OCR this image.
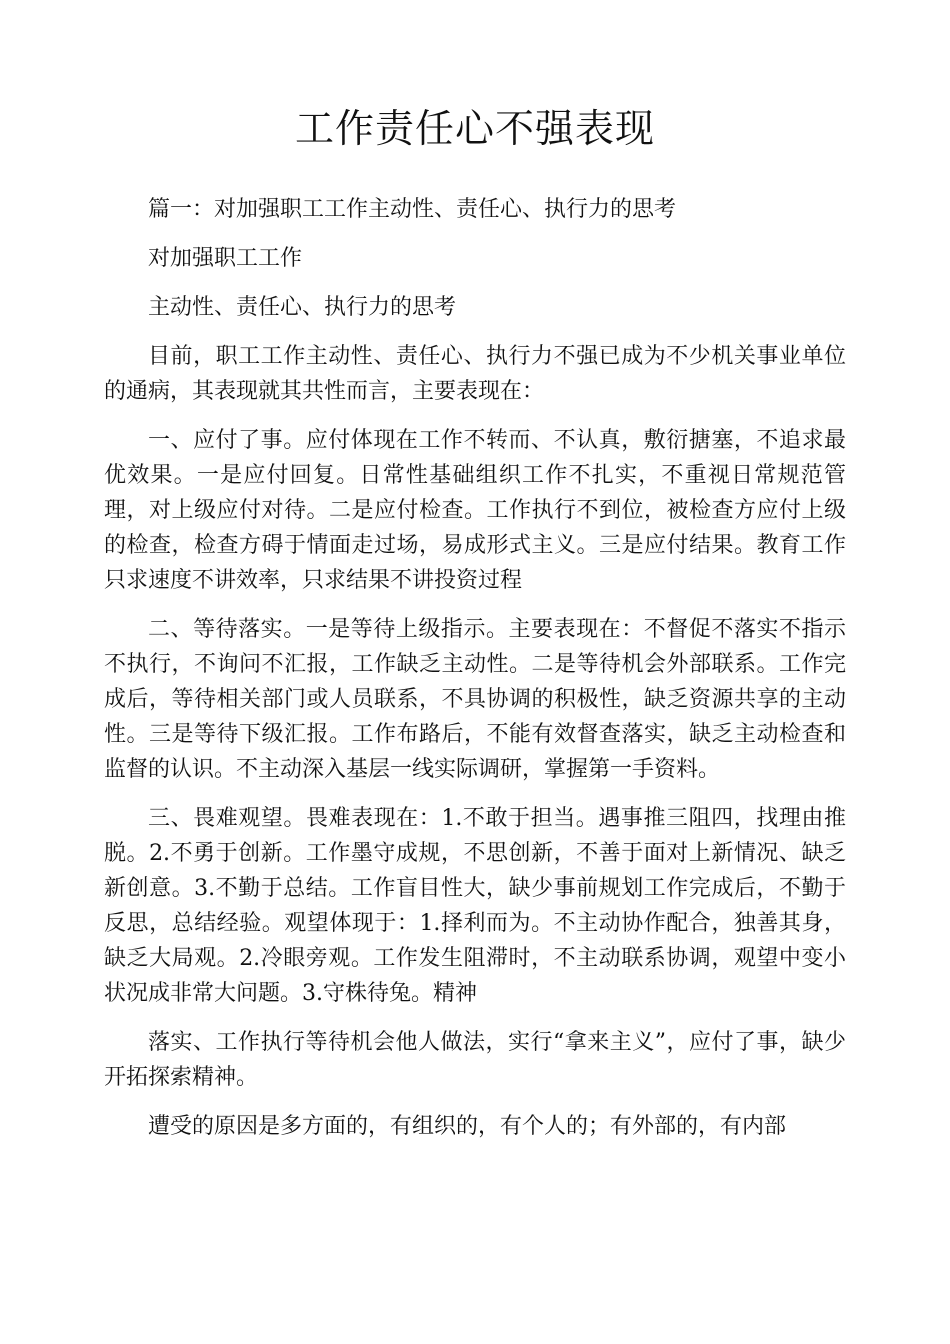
工作责任心不强表现

篇一：对加强职工工作主动性、责任心、执行力的思考

对加强职工工作

主动性、责任心、执行力的思考

目前，职工工作主动性、责任心、执行力不强已成为不少机关事业单位的通病，其表现就其共性而言，主要表现在：

一、应付了事。应付体现在工作不转而、不认真，敷衍搪塞，不追求最优效果。一是应付回复。日常性基础组织工作不扎实，不重视日常规范管理，对上级应付对待。二是应付检查。工作执行不到位，被检查方应付上级的检查，检查方碍于情面走过场，易成形式主义。三是应付结果。教育工作只求速度不讲效率，只求结果不讲投资过程

二、等待落实。一是等待上级指示。主要表现在：不督促不落实不指示不执行，不询问不汇报，工作缺乏主动性。二是等待机会外部联系。工作完成后，等待相关部门或人员联系，不具协调的积极性，缺乏资源共享的主动性。三是等待下级汇报。工作布路后，不能有效督查落实，缺乏主动检查和监督的认识。不主动深入基层一线实际调研，掌握第一手资料。

三、畏难观望。畏难表现在：1.不敢于担当。遇事推三阻四，找理由推脱。2.不勇于创新。工作墨守成规，不思创新，不善于面对上新情况、缺乏新创意。3.不勤于总结。工作盲目性大，缺少事前规划工作完成后，不勤于反思，总结经验。观望体现于：1.择利而为。不主动协作配合，独善其身，缺乏大局观。2.冷眼旁观。工作发生阻滞时，不主动联系协调，观望中变小状况成非常大问题。3.守株待兔。精神

落实、工作执行等待机会他人做法，实行“拿来主义”，应付了事，缺少开拓探索精神。

遭受的原因是多方面的，有组织的，有个人的；有外部的，有内部
